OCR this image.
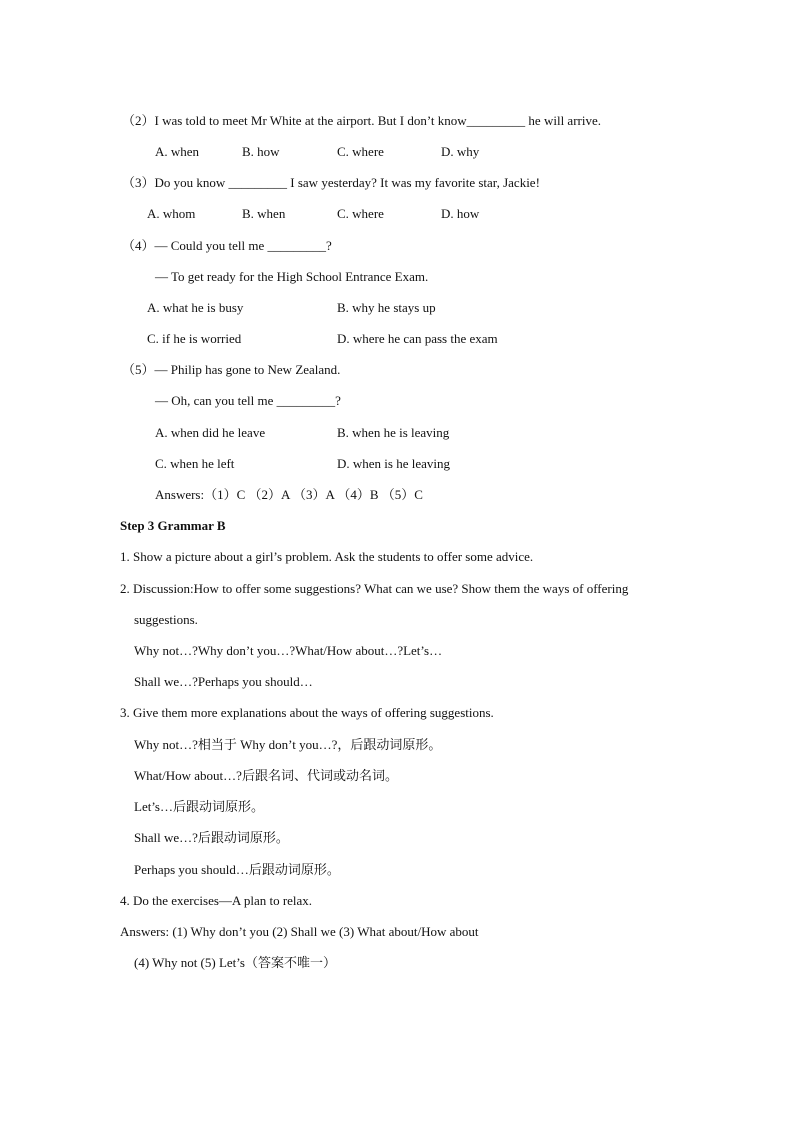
（2）I was told to meet Mr White at the airport. But I don’t know_________ he will arrive.
A. when	B. how	C. where	D. why
（3）Do you know _________ I saw yesterday? It was my favorite star, Jackie!
A. whom	B. when	C. where	D. how
（4）— Could you tell me _________?
— To get ready for the High School Entrance Exam.
A. what he is busy	B. why he stays up
C. if he is worried	D. where he can pass the exam
（5）— Philip has gone to New Zealand.
— Oh, can you tell me _________?
A. when did he leave	B. when he is leaving
C. when he left	D. when is he leaving
Answers:（1）C （2）A （3）A （4）B （5）C
Step 3 Grammar B
1. Show a picture about a girl’s problem. Ask the students to offer some advice.
2. Discussion:How to offer some suggestions? What can we use? Show them the ways of offering
suggestions.
Why not…?Why don’t you…?What/How about…?Let’s…
Shall we…?Perhaps you should…
3. Give them more explanations about the ways of offering suggestions.
Why not…?相当于 Why don’t you…?，后跟动词原形。
What/How about…?后跟名词、代词或动名词。
Let’s…后跟动词原形。
Shall we…?后跟动词原形。
Perhaps you should…后跟动词原形。
4. Do the exercises—A plan to relax.
Answers: (1) Why don’t you (2) Shall we (3) What about/How about
(4) Why not (5) Let’s（答案不唯一）
